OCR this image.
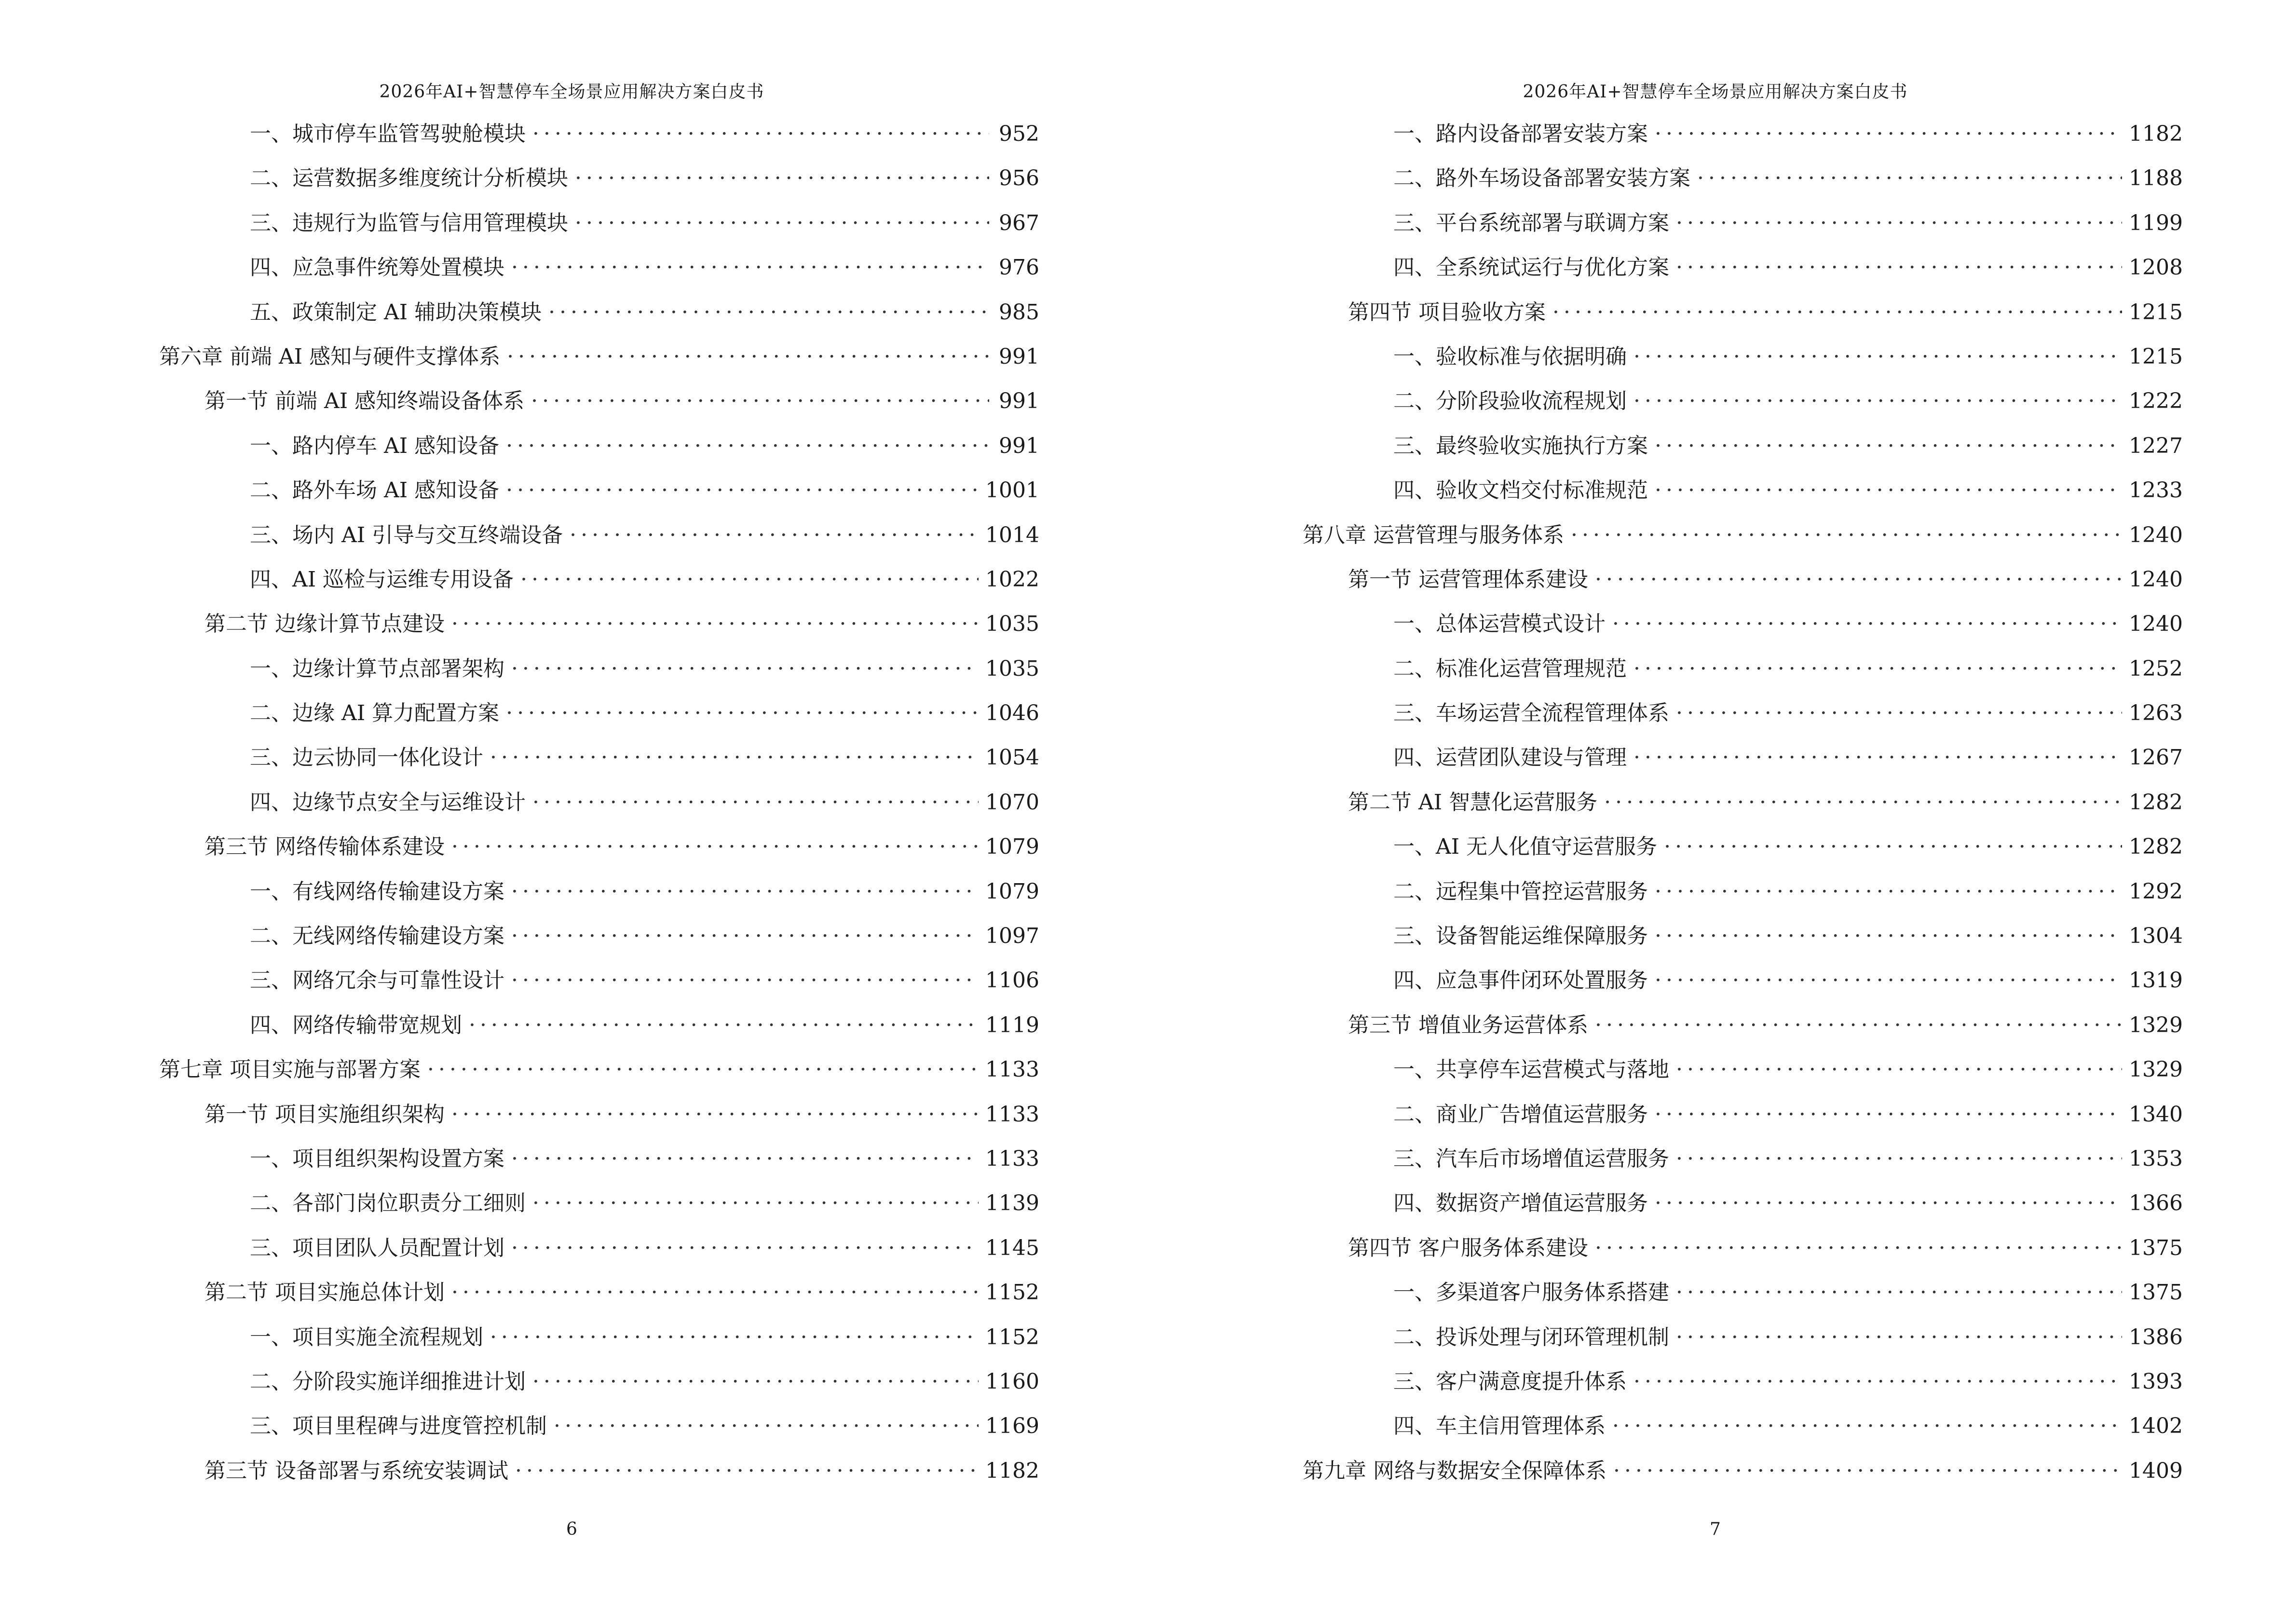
2026年AI+智慧停车全场景应用解决方案白皮书
一、城市停车监管驾驶舱模块 ·····	952
二、运营数据多维度统计分析模块 ·····	956
三、违规行为监管与信用管理模块 ·····	967
四、应急事件统筹处置模块 ·····	976
五、政策制定 AI 辅助决策模块 ·····	985
第六章 前端 AI 感知与硬件支撑体系 ·····	991
第一节 前端 AI 感知终端设备体系 ·····	991
一、路内停车 AI 感知设备 ·····	991
二、路外车场 AI 感知设备 ·····	1001
三、场内 AI 引导与交互终端设备 ·····	1014
四、AI 巡检与运维专用设备 ·····	1022
第二节 边缘计算节点建设 ·····	1035
一、边缘计算节点部署架构 ·····	1035
二、边缘 AI 算力配置方案 ·····	1046
三、边云协同一体化设计 ·····	1054
四、边缘节点安全与运维设计 ·····	1070
第三节 网络传输体系建设 ·····	1079
一、有线网络传输建设方案 ·····	1079
二、无线网络传输建设方案 ·····	1097
三、网络冗余与可靠性设计 ·····	1106
四、网络传输带宽规划 ·····	1119
第七章 项目实施与部署方案 ·····	1133
第一节 项目实施组织架构 ·····	1133
一、项目组织架构设置方案 ·····	1133
二、各部门岗位职责分工细则 ·····	1139
三、项目团队人员配置计划 ·····	1145
第二节 项目实施总体计划 ·····	1152
一、项目实施全流程规划 ·····	1152
二、分阶段实施详细推进计划 ·····	1160
三、项目里程碑与进度管控机制 ·····	1169
第三节 设备部署与系统安装调试 ·····	1182
6
2026年AI+智慧停车全场景应用解决方案白皮书
一、路内设备部署安装方案 ·····	1182
二、路外车场设备部署安装方案 ·····	1188
三、平台系统部署与联调方案 ·····	1199
四、全系统试运行与优化方案 ·····	1208
第四节 项目验收方案 ·····	1215
一、验收标准与依据明确 ·····	1215
二、分阶段验收流程规划 ·····	1222
三、最终验收实施执行方案 ·····	1227
四、验收文档交付标准规范 ·····	1233
第八章 运营管理与服务体系 ·····	1240
第一节 运营管理体系建设 ·····	1240
一、总体运营模式设计 ·····	1240
二、标准化运营管理规范 ·····	1252
三、车场运营全流程管理体系 ·····	1263
四、运营团队建设与管理 ·····	1267
第二节 AI 智慧化运营服务 ·····	1282
一、AI 无人化值守运营服务 ·····	1282
二、远程集中管控运营服务 ·····	1292
三、设备智能运维保障服务 ·····	1304
四、应急事件闭环处置服务 ·····	1319
第三节 增值业务运营体系 ·····	1329
一、共享停车运营模式与落地 ·····	1329
二、商业广告增值运营服务 ·····	1340
三、汽车后市场增值运营服务 ·····	1353
四、数据资产增值运营服务 ·····	1366
第四节 客户服务体系建设 ·····	1375
一、多渠道客户服务体系搭建 ·····	1375
二、投诉处理与闭环管理机制 ·····	1386
三、客户满意度提升体系 ·····	1393
四、车主信用管理体系 ·····	1402
第九章 网络与数据安全保障体系 ·····	1409
7
